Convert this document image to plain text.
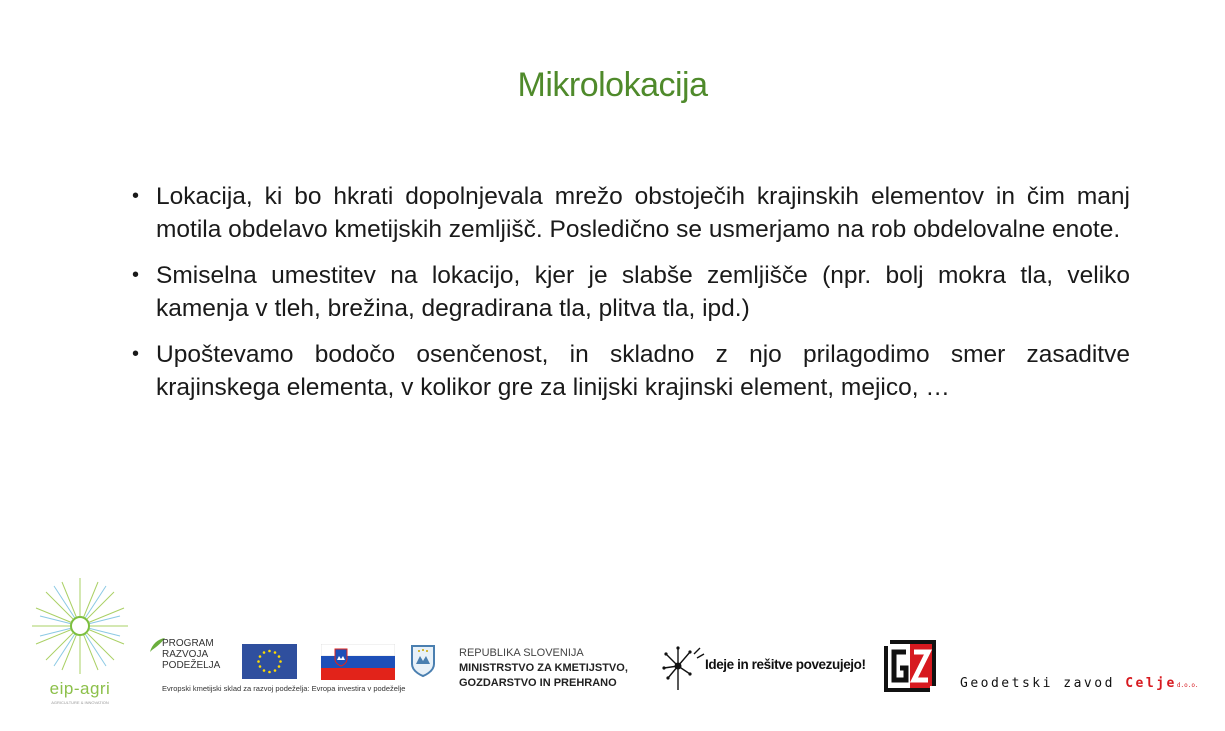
Mikrolokacija
• Lokacija, ki bo hkrati dopolnjevala mrežo obstoječih krajinskih elementov in čim manj motila obdelavo kmetijskih zemljišč. Posledično se usmerjamo na rob obdelovalne enote.
• Smiselna umestitev na lokacijo, kjer je slabše zemljišče (npr. bolj mokra tla, veliko kamenja v tleh, brežina, degradirana tla, plitva tla, ipd.)
• Upoštevamo bodočo osenčenost, in skladno z njo prilagodimo smer zasaditve krajinskega elementa, v kolikor gre za linijski krajinski element, mejico, …
eip-agri
AGRICULTURE & INNOVATION
PROGRAM
RAZVOJA
PODEŽELJA
Evropski kmetijski sklad za razvoj podeželja: Evropa investira v podeželje
REPUBLIKA SLOVENIJA
MINISTRSTVO ZA KMETIJSTVO,
GOZDARSTVO IN PREHRANO
Ideje in rešitve povezujejo!
Geodetski zavod Celjed.o.o.
